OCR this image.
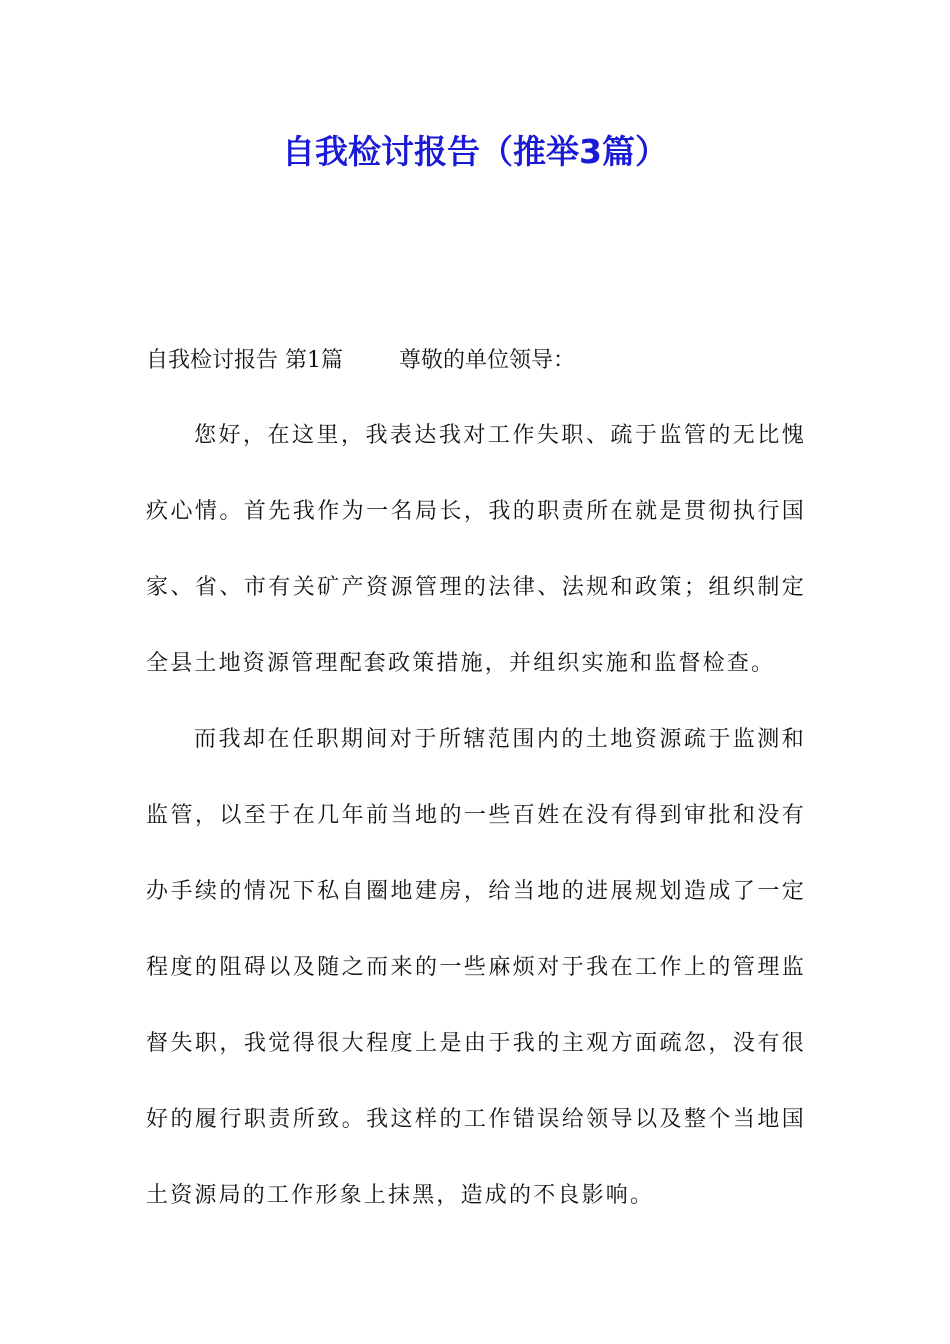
自我检讨报告（推举3篇）
自我检讨报告 第1篇	尊敬的单位领导：

您好，在这里，我表达我对工作失职、疏于监管的无比愧疚心情。首先我作为一名局长，我的职责所在就是贯彻执行国家、省、市有关矿产资源管理的法律、法规和政策；组织制定全县土地资源管理配套政策措施，并组织实施和监督检查。

而我却在任职期间对于所辖范围内的土地资源疏于监测和监管，以至于在几年前当地的一些百姓在没有得到审批和没有办手续的情况下私自圈地建房，给当地的进展规划造成了一定程度的阻碍以及随之而来的一些麻烦对于我在工作上的管理监督失职，我觉得很大程度上是由于我的主观方面疏忽，没有很好的履行职责所致。我这样的工作错误给领导以及整个当地国土资源局的工作形象上抹黑，造成的不良影响。
